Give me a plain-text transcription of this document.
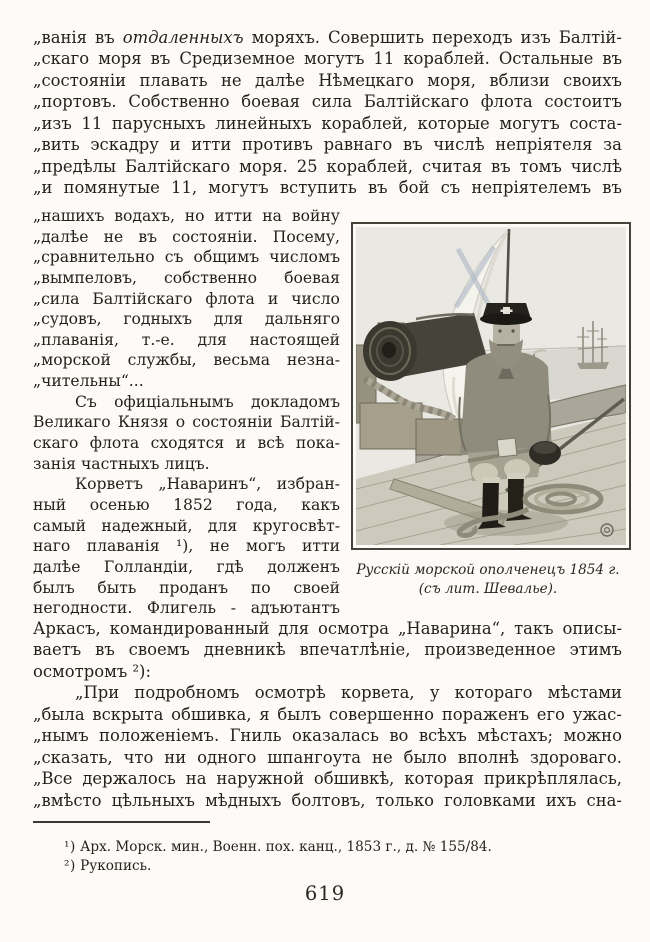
„ванія въ отдаленныхъ моряхъ. Совершить переходъ изъ Балтій-
„скаго моря въ Средиземное могутъ 11 кораблей. Остальные въ
„состояніи плавать не далѣе Нѣмецкаго моря, вблизи своихъ
„портовъ. Собственно боевая сила Балтійскаго флота состоитъ
„изъ 11 парусныхъ линейныхъ кораблей, которые могутъ соста-
„вить эскадру и итти противъ равнаго въ числѣ непріятеля за
„предѣлы Балтійскаго моря. 25 кораблей, считая въ томъ числѣ
„и помянутые 11, могутъ вступить въ бой съ непріятелемъ въ
„нашихъ водахъ, но итти на войну
„далѣе не въ состояніи. Посему,
„сравнительно съ общимъ числомъ
„вымпеловъ, собственно боевая
„сила Балтійскаго флота и число
„судовъ, годныхъ для дальняго
„плаванія, т.-е. для настоящей
„морской службы, весьма незна-
„чительны“...
Съ офиціальнымъ докладомъ
Великаго Князя о состояніи Балтій-
скаго флота сходятся и всѣ пока-
занія частныхъ лицъ.
Корветъ „Наваринъ“, избран-
ный осенью 1852 года, какъ
самый надежный, для кругосвѣт-
наго плаванія ¹), не могъ итти
далѣе Голландіи, гдѣ долженъ
былъ быть проданъ по своей
негодности. Флигель - адъютантъ
Русскій морской ополченецъ 1854 г.
(съ лит. Шевалье).
Аркасъ, командированный для осмотра „Наварина“, такъ описы-
ваетъ въ своемъ дневникѣ впечатлѣніе, произведенное этимъ
осмотромъ ²):
„При подробномъ осмотрѣ корвета, у котораго мѣстами
„была вскрыта обшивка, я былъ совершенно пораженъ его ужас-
„нымъ положеніемъ. Гниль оказалась во всѣхъ мѣстахъ; можно
„сказать, что ни одного шпангоута не было вполнѣ здороваго.
„Все держалось на наружной обшивкѣ, которая прикрѣплялась,
„вмѣсто цѣльныхъ мѣдныхъ болтовъ, только головками ихъ сна-
¹) Арх. Морск. мин., Военн. пох. канц., 1853 г., д. № 155/84.
²) Рукопись.
619
